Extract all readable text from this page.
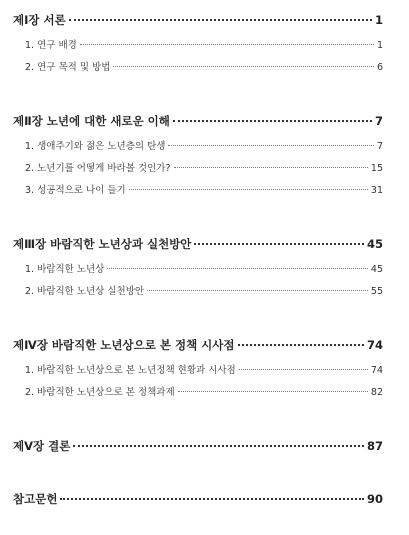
제Ⅰ장 서론	1
1. 연구 배경	1
2. 연구 목적 및 방법	6
제Ⅱ장 노년에 대한 새로운 이해	7
1. 생애주기와 젊은 노년층의 탄생	7
2. 노년기를 어떻게 바라볼 것인가?	15
3. 성공적으로 나이 들기	31
제Ⅲ장 바람직한 노년상과 실천방안	45
1. 바람직한 노년상	45
2. 바람직한 노년상 실천방안	55
제Ⅳ장 바람직한 노년상으로 본 정책 시사점	74
1. 바람직한 노년상으로 본 노년정책 현황과 시사점	74
2. 바람직한 노년상으로 본 정책과제	82
제Ⅴ장 결론	87
참고문헌	90
